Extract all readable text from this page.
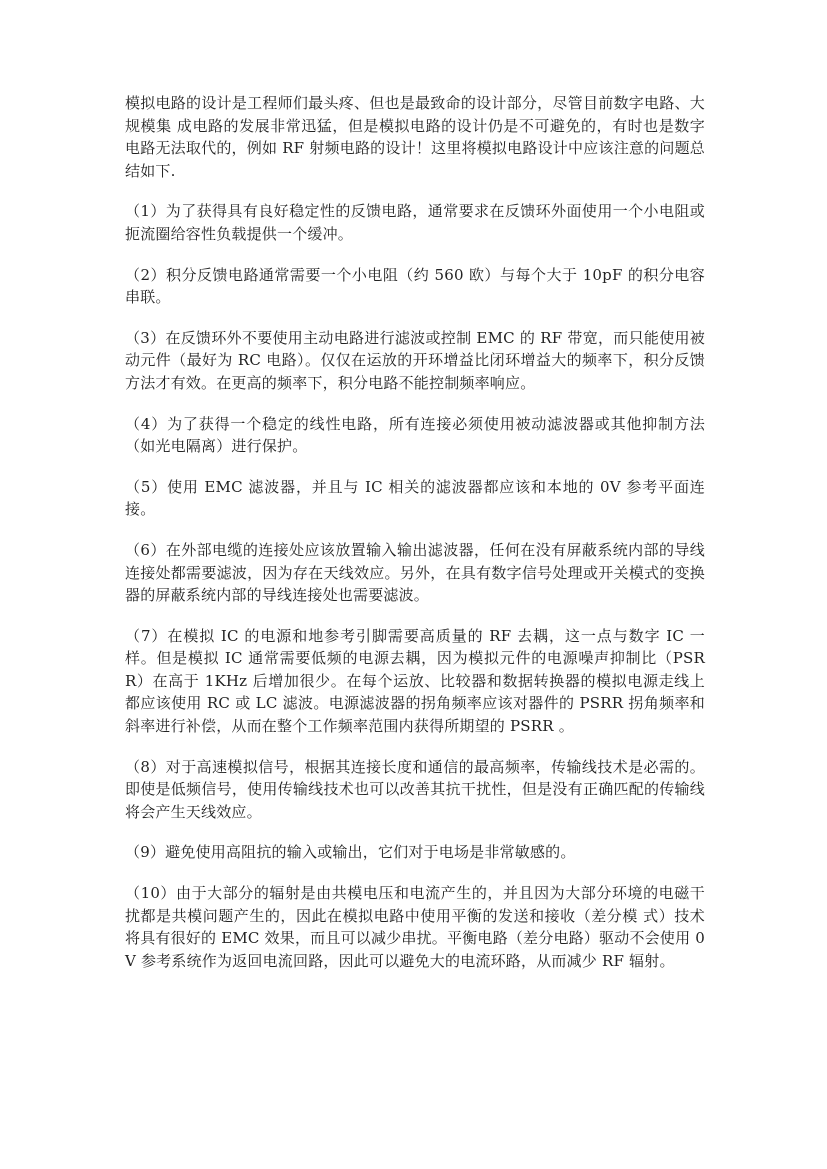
模拟电路的设计是工程师们最头疼、但也是最致命的设计部分，尽管目前数字电路、大规模集 成电路的发展非常迅猛，但是模拟电路的设计仍是不可避免的，有时也是数字电路无法取代的，例如 RF 射频电路的设计！这里将模拟电路设计中应该注意的问题总结如下.

（1）为了获得具有良好稳定性的反馈电路，通常要求在反馈环外面使用一个小电阻或扼流圈给容性负载提供一个缓冲。

（2）积分反馈电路通常需要一个小电阻（约 560 欧）与每个大于 10pF 的积分电容串联。

（3）在反馈环外不要使用主动电路进行滤波或控制 EMC 的 RF 带宽，而只能使用被动元件（最好为 RC 电路）。仅仅在运放的开环增益比闭环增益大的频率下，积分反馈方法才有效。在更高的频率下，积分电路不能控制频率响应。

（4）为了获得一个稳定的线性电路，所有连接必须使用被动滤波器或其他抑制方法（如光电隔离）进行保护。

（5）使用 EMC 滤波器，并且与 IC 相关的滤波器都应该和本地的 0V 参考平面连接。

（6）在外部电缆的连接处应该放置输入输出滤波器，任何在没有屏蔽系统内部的导线连接处都需要滤波，因为存在天线效应。另外，在具有数字信号处理或开关模式的变换器的屏蔽系统内部的导线连接处也需要滤波。

（7）在模拟 IC 的电源和地参考引脚需要高质量的 RF 去耦，这一点与数字 IC 一样。但是模拟 IC 通常需要低频的电源去耦，因为模拟元件的电源噪声抑制比（PSRR）在高于 1KHz 后增加很少。在每个运放、比较器和数据转换器的模拟电源走线上都应该使用 RC 或 LC 滤波。电源滤波器的拐角频率应该对器件的 PSRR 拐角频率和斜率进行补偿，从而在整个工作频率范围内获得所期望的 PSRR 。

（8）对于高速模拟信号，根据其连接长度和通信的最高频率，传输线技术是必需的。即使是低频信号，使用传输线技术也可以改善其抗干扰性，但是没有正确匹配的传输线将会产生天线效应。

（9）避免使用高阻抗的输入或输出，它们对于电场是非常敏感的。

（10）由于大部分的辐射是由共模电压和电流产生的，并且因为大部分环境的电磁干扰都是共模问题产生的，因此在模拟电路中使用平衡的发送和接收（差分模 式）技术将具有很好的 EMC 效果，而且可以减少串扰。平衡电路（差分电路）驱动不会使用 0V 参考系统作为返回电流回路，因此可以避免大的电流环路，从而减少 RF 辐射。
